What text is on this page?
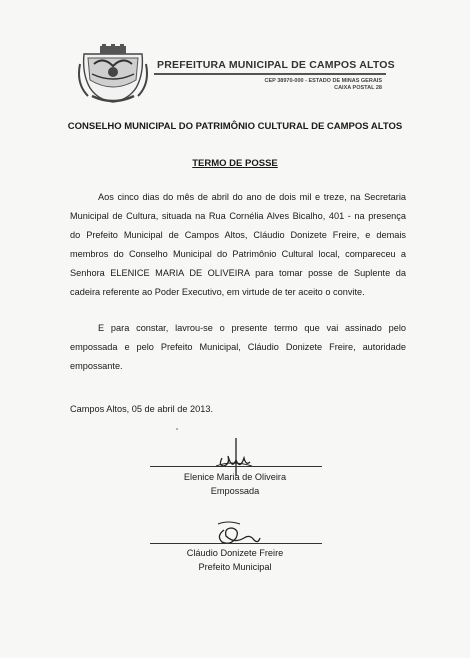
PREFEITURA MUNICIPAL DE CAMPOS ALTOS
CEP 38970-000 - ESTADO DE MINAS GERAIS
CAIXA POSTAL 28
CONSELHO MUNICIPAL DO PATRIMÔNIO CULTURAL DE CAMPOS ALTOS
TERMO DE POSSE
Aos cinco dias do mês de abril do ano de dois mil e treze, na Secretaria Municipal de Cultura, situada na Rua Cornélia Alves Bicalho, 401 - na presença do Prefeito Municipal de Campos Altos, Cláudio Donizete Freire, e demais membros do Conselho Municipal do Patrimônio Cultural local, compareceu a Senhora ELENICE MARIA DE OLIVEIRA para tomar posse de Suplente da cadeira referente ao Poder Executivo, em virtude de ter aceito o convite.
E para constar, lavrou-se o presente termo que vai assinado pelo empossada e pelo Prefeito Municipal, Cláudio Donizete Freire, autoridade empossante.
Campos Altos, 05 de abril de 2013.
Elenice Maria de Oliveira
Empossada
Cláudio Donizete Freire
Prefeito Municipal
